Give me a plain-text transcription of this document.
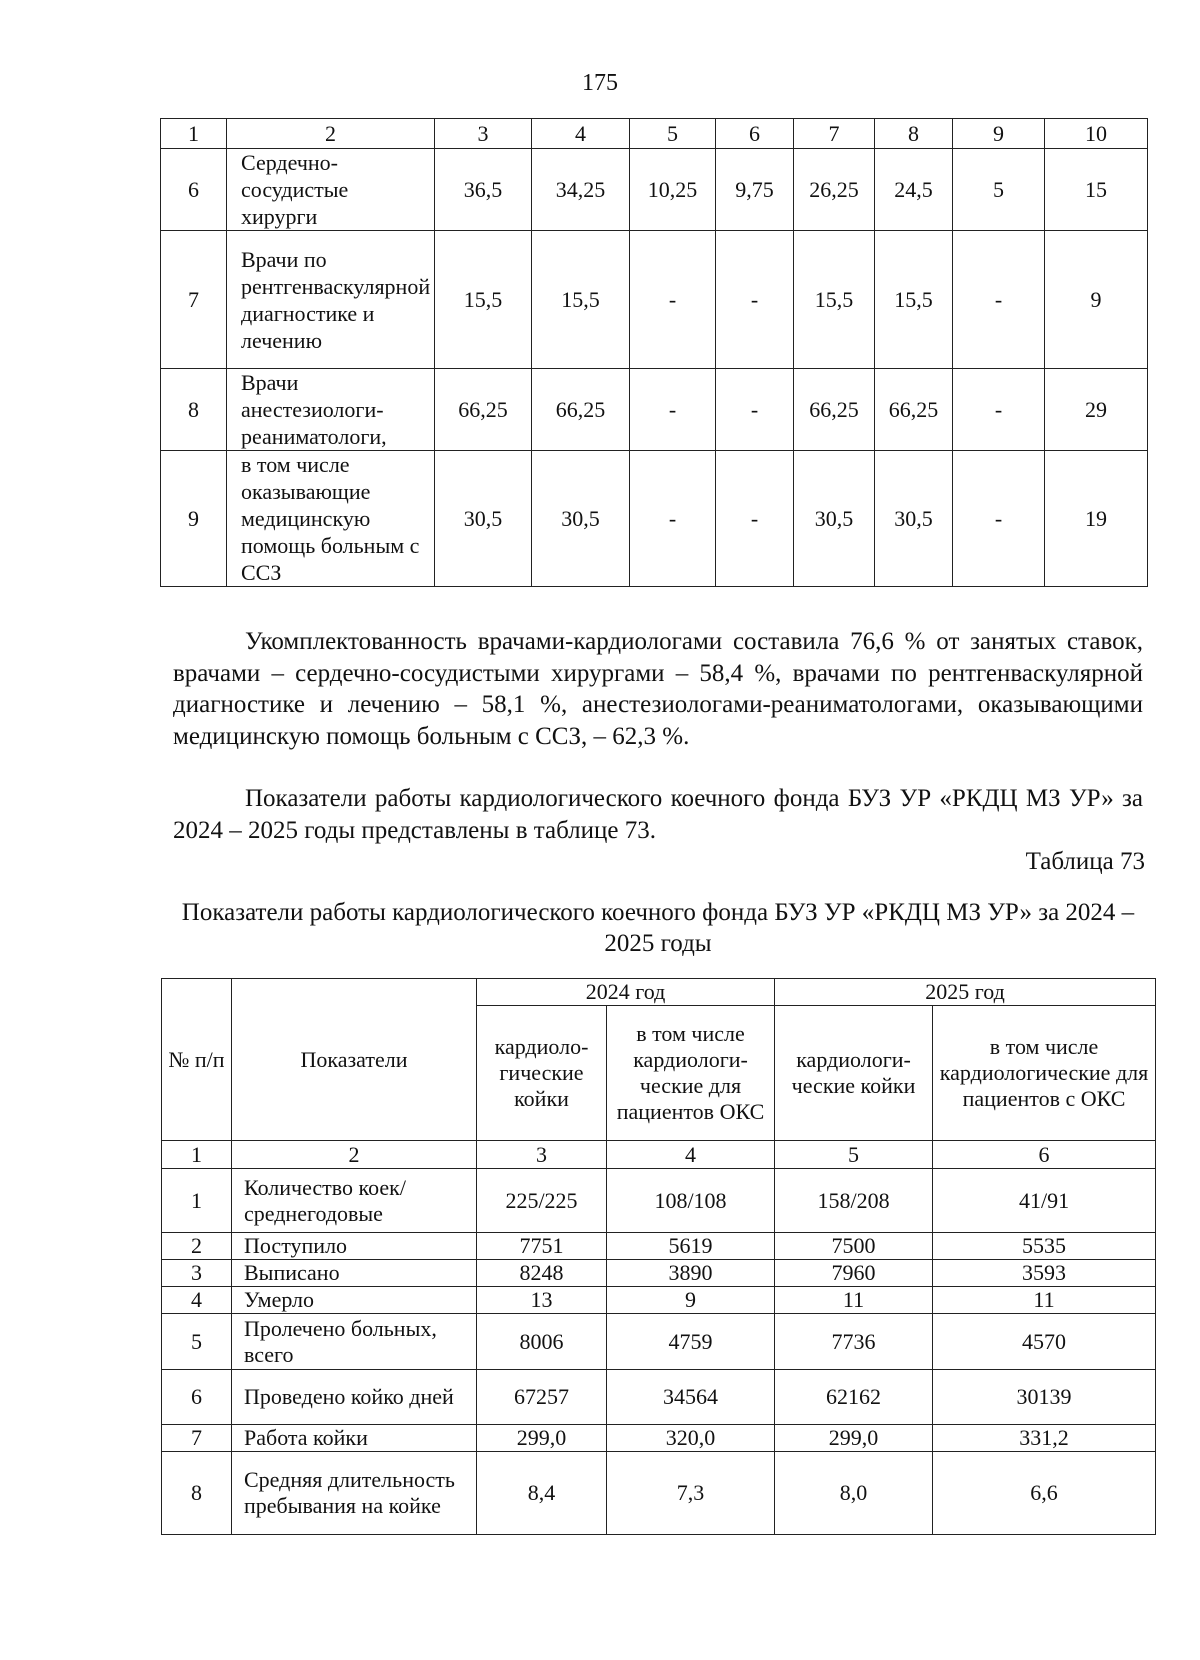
175
1	2	3	4	5	6	7	8	9	10
6	Сердечно-сосудистые хирурги	36,5	34,25	10,25	9,75	26,25	24,5	5	15
7	Врачи по рентгенваскулярной диагностике и лечению	15,5	15,5	-	-	15,5	15,5	-	9
8	Врачи анестезиологи-реаниматологи,	66,25	66,25	-	-	66,25	66,25	-	29
9	в том числе оказывающие медицинскую помощь больным с ССЗ	30,5	30,5	-	-	30,5	30,5	-	19

Укомплектованность врачами-кардиологами составила 76,6 % от занятых ставок, врачами – сердечно-сосудистыми хирургами – 58,4 %, врачами по рентгенваскулярной диагностике и лечению – 58,1 %, анестезиологами-реаниматологами, оказывающими медицинскую помощь больным с ССЗ, – 62,3 %.

Показатели работы кардиологического коечного фонда БУЗ УР «РКДЦ МЗ УР» за 2024 – 2025 годы представлены в таблице 73.

Таблица 73

Показатели работы кардиологического коечного фонда БУЗ УР «РКДЦ МЗ УР» за 2024 – 2025 годы

№ п/п	Показатели	2024 год		2025 год	
		кардиоло-гические койки	в том числе кардиологи-ческие для пациентов ОКС	кардиологи-ческие койки	в том числе кардиологические для пациентов с ОКС
1	2	3	4	5	6
1	Количество коек/среднегодовые	225/225	108/108	158/208	41/91
2	Поступило	7751	5619	7500	5535
3	Выписано	8248	3890	7960	3593
4	Умерло	13	9	11	11
5	Пролечено больных, всего	8006	4759	7736	4570
6	Проведено койко дней	67257	34564	62162	30139
7	Работа койки	299,0	320,0	299,0	331,2
8	Средняя длительность пребывания на койке	8,4	7,3	8,0	6,6
